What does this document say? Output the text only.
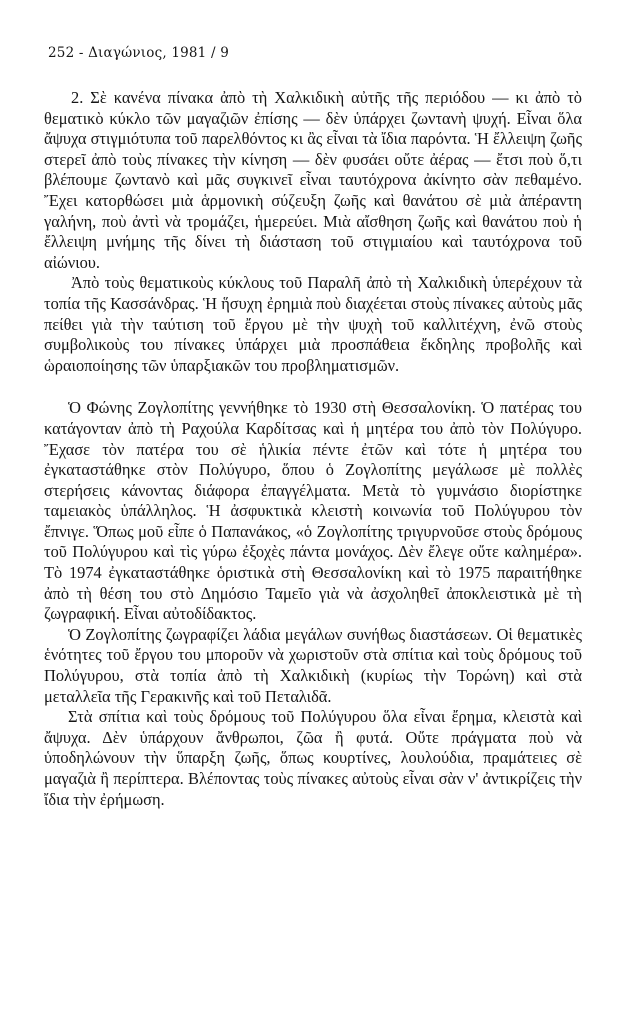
252 - Διαγώνιος, 1981 / 9

2. Σὲ κανένα πίνακα ἀπὸ τὴ Χαλκιδικὴ αὐτῆς τῆς περιόδου — κι ἀπὸ τὸ θεματικὸ κύκλο τῶν μαγαζιῶν ἐπίσης — δὲν ὑπάρχει ζωντανὴ ψυχή. Εἶναι ὅλα ἄψυχα στιγμιότυπα τοῦ παρελθόντος κι ἂς εἶναι τὰ ἴδια παρόντα. Ἡ ἔλλειψη ζωῆς στερεῖ ἀπὸ τοὺς πίνακες τὴν κίνηση — δὲν φυσάει οὔτε ἀέρας — ἔτσι ποὺ ὅ,τι βλέπουμε ζωντανὸ καὶ μᾶς συγκινεῖ εἶναι ταυτόχρονα ἀκίνητο σὰν πεθαμένο. Ἔχει κατορθώσει μιὰ ἁρμονικὴ σύζευξη ζωῆς καὶ θανάτου σὲ μιὰ ἀπέραντη γαλήνη, ποὺ ἀντὶ νὰ τρομάζει, ἡμερεύει. Μιὰ αἴσθηση ζωῆς καὶ θανάτου ποὺ ἡ ἔλλειψη μνήμης τῆς δίνει τὴ διάσταση τοῦ στιγμιαίου καὶ ταυτόχρονα τοῦ αἰώνιου.

Ἀπὸ τοὺς θεματικοὺς κύκλους τοῦ Παραλῆ ἀπὸ τὴ Χαλκιδικὴ ὑπερέχουν τὰ τοπία τῆς Κασσάνδρας. Ἡ ἥσυχη ἐρημιὰ ποὺ διαχέεται στοὺς πίνακες αὐτοὺς μᾶς πείθει γιὰ τὴν ταύτιση τοῦ ἔργου μὲ τὴν ψυχὴ τοῦ καλλιτέχνη, ἐνῶ στοὺς συμβολικοὺς του πίνακες ὑπάρχει μιὰ προσπάθεια ἔκδηλης προβολῆς καὶ ὡραιοποίησης τῶν ὑπαρξιακῶν του προβληματισμῶν.

Ὁ Φώνης Ζογλοπίτης γεννήθηκε τὸ 1930 στὴ Θεσσαλονίκη. Ὁ πατέρας του κατάγονταν ἀπὸ τὴ Ραχούλα Καρδίτσας καὶ ἡ μητέρα του ἀπὸ τὸν Πολύγυρο. Ἔχασε τὸν πατέρα του σὲ ἡλικία πέντε ἐτῶν καὶ τότε ἡ μητέρα του ἐγκαταστάθηκε στὸν Πολύγυρο, ὅπου ὁ Ζογλοπίτης μεγάλωσε μὲ πολλὲς στερήσεις κάνοντας διάφορα ἐπαγγέλματα. Μετὰ τὸ γυμνάσιο διορίστηκε ταμειακὸς ὑπάλληλος. Ἡ ἀσφυκτικὰ κλειστὴ κοινωνία τοῦ Πολύγυρου τὸν ἔπνιγε. Ὅπως μοῦ εἶπε ὁ Παπανάκος, «ὁ Ζογλοπίτης τριγυρνοῦσε στοὺς δρόμους τοῦ Πολύγυρου καὶ τὶς γύρω ἐξοχὲς πάντα μονάχος. Δὲν ἔλεγε οὔτε καλημέρα». Τὸ 1974 ἐγκαταστάθηκε ὁριστικὰ στὴ Θεσσαλονίκη καὶ τὸ 1975 παραιτήθηκε ἀπὸ τὴ θέση του στὸ Δημόσιο Ταμεῖο γιὰ νὰ ἀσχοληθεῖ ἀποκλειστικὰ μὲ τὴ ζωγραφική. Εἶναι αὐτοδίδακτος.

Ὁ Ζογλοπίτης ζωγραφίζει λάδια μεγάλων συνήθως διαστάσεων. Οἱ θεματικὲς ἑνότητες τοῦ ἔργου του μποροῦν νὰ χωριστοῦν στὰ σπίτια καὶ τοὺς δρόμους τοῦ Πολύγυρου, στὰ τοπία ἀπὸ τὴ Χαλκιδικὴ (κυρίως τὴν Τορώνη) καὶ στὰ μεταλλεῖα τῆς Γερακινῆς καὶ τοῦ Πεταλιδᾶ.

Στὰ σπίτια καὶ τοὺς δρόμους τοῦ Πολύγυρου ὅλα εἶναι ἔρημα, κλειστὰ καὶ ἄψυχα. Δὲν ὑπάρχουν ἄνθρωποι, ζῶα ἢ φυτά. Οὔτε πράγματα ποὺ νὰ ὑποδηλώνουν τὴν ὕπαρξη ζωῆς, ὅπως κουρτίνες, λουλούδια, πραμάτειες σὲ μαγαζιὰ ἢ περίπτερα. Βλέποντας τοὺς πίνακες αὐτοὺς εἶναι σὰν ν' ἀντικρίζεις τὴν ἴδια τὴν ἐρήμωση.
